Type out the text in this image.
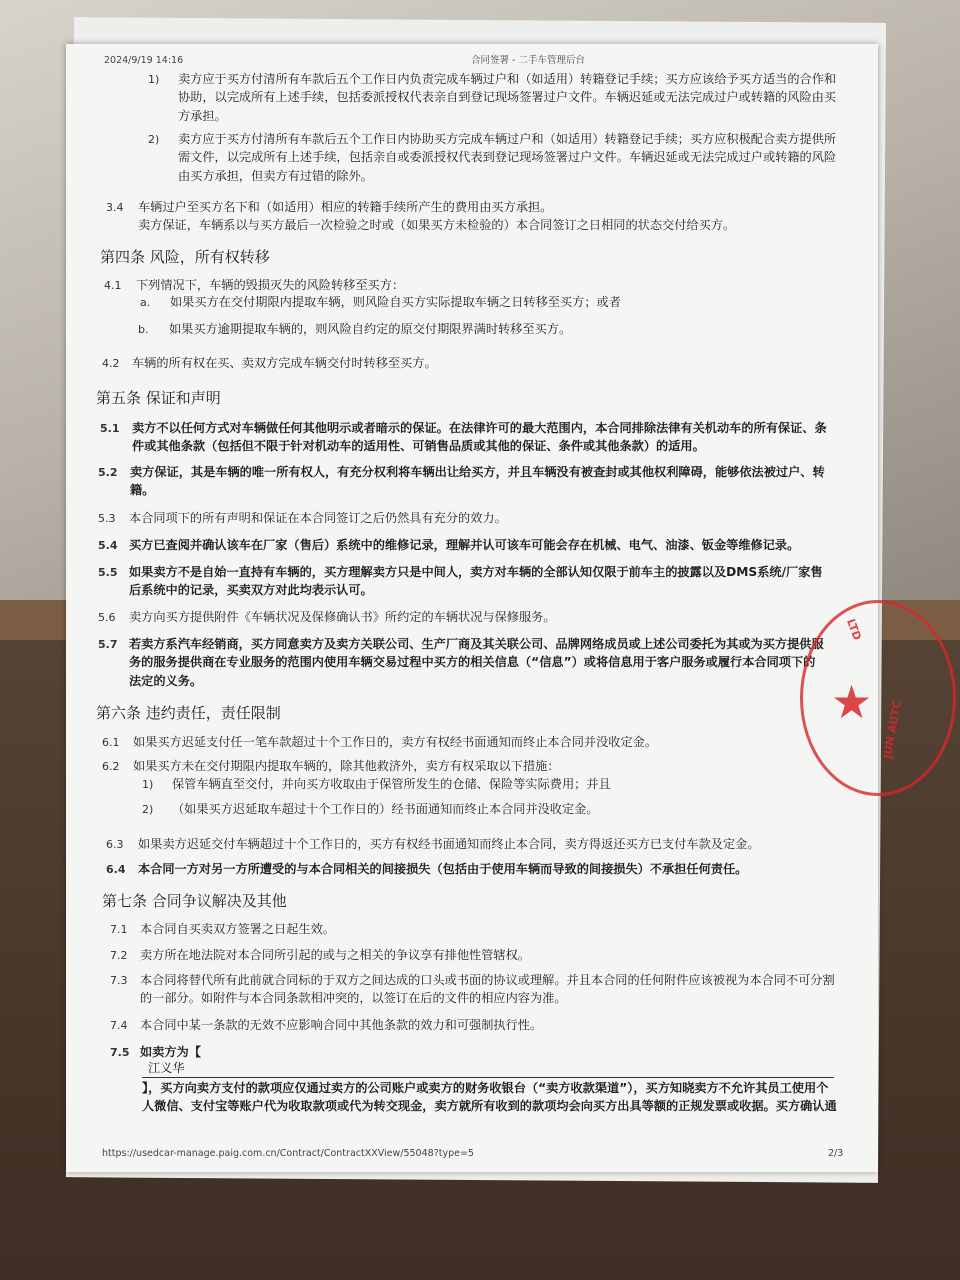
2024/9/19 14:16	合同签署 - 二手车管理后台
1) 卖方应于买方付清所有车款后五个工作日内负责完成车辆过户和（如适用）转籍登记手续；买方应该给予买方适当的合作和
协助，以完成所有上述手续，包括委派授权代表亲自到登记现场签署过户文件。车辆迟延或无法完成过户或转籍的风险由买
方承担。
2) 卖方应于买方付清所有车款后五个工作日内协助买方完成车辆过户和（如适用）转籍登记手续；买方应积极配合卖方提供所
需文件，以完成所有上述手续，包括亲自或委派授权代表到登记现场签署过户文件。车辆迟延或无法完成过户或转籍的风险
由买方承担，但卖方有过错的除外。
3.4 车辆过户至买方名下和（如适用）相应的转籍手续所产生的费用由买方承担。
卖方保证，车辆系以与买方最后一次检验之时或（如果买方未检验的）本合同签订之日相同的状态交付给买方。
第四条 风险，所有权转移
4.1 下列情况下，车辆的毁损灭失的风险转移至买方：
a. 如果买方在交付期限内提取车辆，则风险自买方实际提取车辆之日转移至买方；或者
b. 如果买方逾期提取车辆的，则风险自约定的原交付期限界满时转移至买方。
4.2 车辆的所有权在买、卖双方完成车辆交付时转移至买方。
第五条 保证和声明
5.1 卖方不以任何方式对车辆做任何其他明示或者暗示的保证。在法律许可的最大范围内，本合同排除法律有关机动车的所有保证、条
件或其他条款（包括但不限于针对机动车的适用性、可销售品质或其他的保证、条件或其他条款）的适用。
5.2 卖方保证，其是车辆的唯一所有权人，有充分权利将车辆出让给买方，并且车辆没有被查封或其他权利障碍，能够依法被过户、转
籍。
5.3 本合同项下的所有声明和保证在本合同签订之后仍然具有充分的效力。
5.4 买方已查阅并确认该车在厂家（售后）系统中的维修记录，理解并认可该车可能会存在机械、电气、油漆、钣金等维修记录。
5.5 如果卖方不是自始一直持有车辆的，买方理解卖方只是中间人，卖方对车辆的全部认知仅限于前车主的披露以及DMS系统/厂家售
后系统中的记录，买卖双方对此均表示认可。
5.6 卖方向买方提供附件《车辆状况及保修确认书》所约定的车辆状况与保修服务。
5.7 若卖方系汽车经销商，买方同意卖方及卖方关联公司、生产厂商及其关联公司、品牌网络成员或上述公司委托为其或为买方提供服
务的服务提供商在专业服务的范围内使用车辆交易过程中买方的相关信息（“信息”）或将信息用于客户服务或履行本合同项下的
法定的义务。
第六条 违约责任，责任限制
6.1 如果买方迟延支付任一笔车款超过十个工作日的，卖方有权经书面通知而终止本合同并没收定金。
6.2 如果买方未在交付期限内提取车辆的，除其他救济外，卖方有权采取以下措施：
1) 保管车辆直至交付，并向买方收取由于保管所发生的仓储、保险等实际费用；并且
2) （如果买方迟延取车超过十个工作日的）经书面通知而终止本合同并没收定金。
6.3 如果卖方迟延交付车辆超过十个工作日的，买方有权经书面通知而终止本合同，卖方得返还买方已支付车款及定金。
6.4 本合同一方对另一方所遭受的与本合同相关的间接损失（包括由于使用车辆而导致的间接损失）不承担任何责任。
第七条 合同争议解决及其他
7.1 本合同自买卖双方签署之日起生效。
7.2 卖方所在地法院对本合同所引起的或与之相关的争议享有排他性管辖权。
7.3 本合同将替代所有此前就合同标的于双方之间达成的口头或书面的协议或理解。并且本合同的任何附件应该被视为本合同不可分割
的一部分。如附件与本合同条款相冲突的，以签订在后的文件的相应内容为准。
7.4 本合同中某一条款的无效不应影响合同中其他条款的效力和可强制执行性。
7.5 如卖方为【
江义华
】，买方向卖方支付的款项应仅通过卖方的公司账户或卖方的财务收银台（“卖方收款渠道”），买方知晓卖方不允许其员工使用个
人微信、支付宝等账户代为收取款项或代为转交现金，卖方就所有收到的款项均会向买方出具等额的正规发票或收据。买方确认通
https://usedcar-manage.paig.com.cn/Contract/ContractXXView/55048?type=5	2/3
LTD
★ JUN AUTC
